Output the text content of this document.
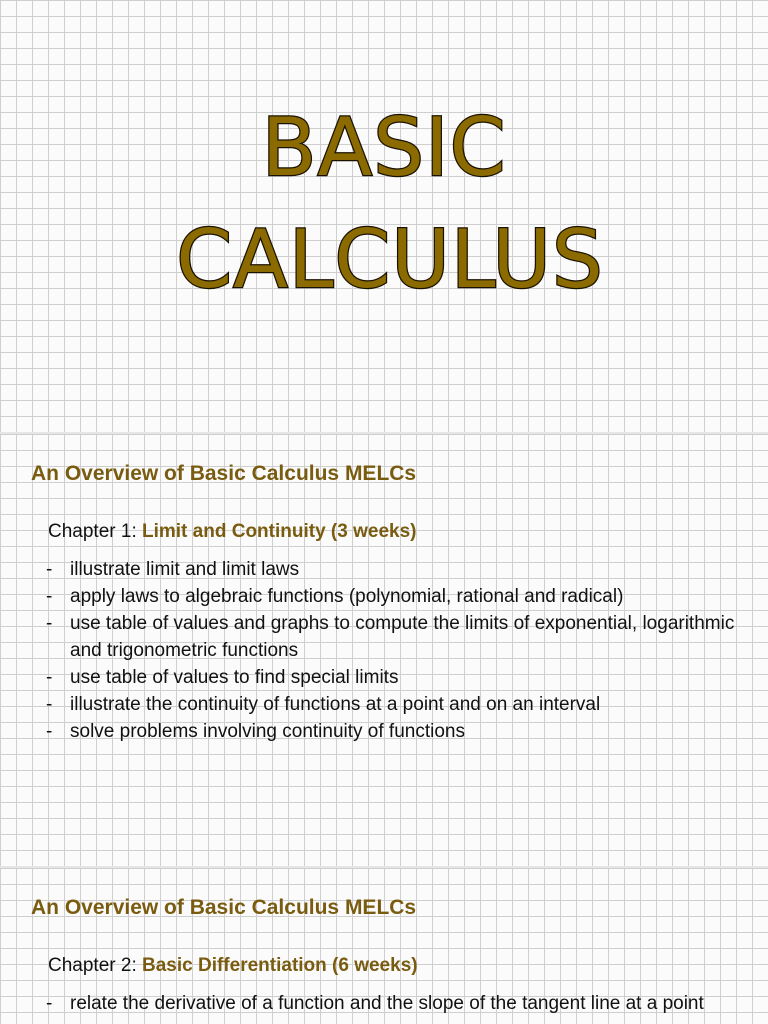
BASIC
CALCULUS
An Overview of Basic Calculus MELCs
Chapter 1: Limit and Continuity (3 weeks)
- illustrate limit and limit laws
- apply laws to algebraic functions (polynomial, rational and radical)
- use table of values and graphs to compute the limits of exponential, logarithmic and trigonometric functions
- use table of values to find special limits
- illustrate the continuity of functions at a point and on an interval
- solve problems involving continuity of functions
An Overview of Basic Calculus MELCs
Chapter 2: Basic Differentiation (6 weeks)
- relate the derivative of a function and the slope of the tangent line at a point
